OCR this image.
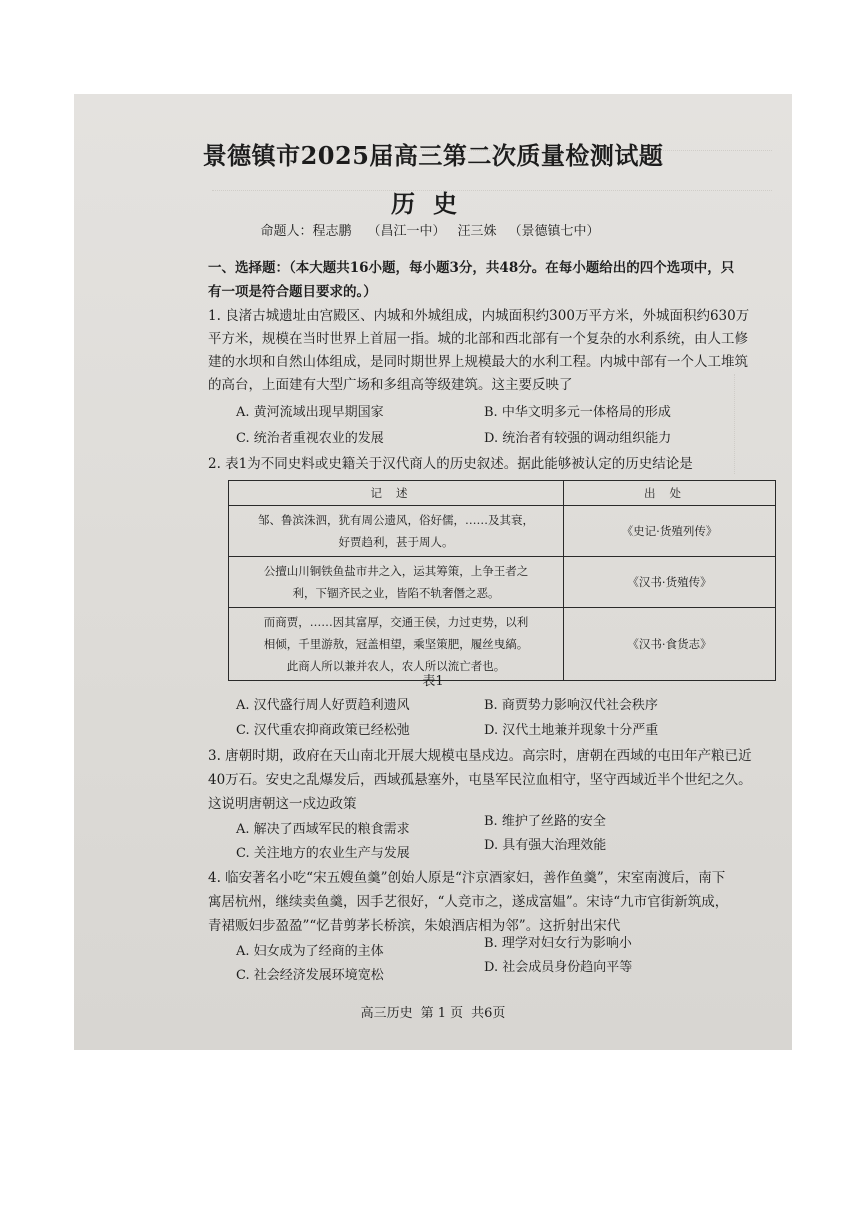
景德镇市2025届高三第二次质量检测试题
历史
命题人：程志鹏 （昌江一中） 汪三姝 （景德镇七中）
一、选择题：（本大题共16小题，每小题3分，共48分。在每小题给出的四个选项中，只
有一项是符合题目要求的。）
1. 良渚古城遗址由宫殿区、内城和外城组成，内城面积约300万平方米，外城面积约630万
平方米，规模在当时世界上首屈一指。城的北部和西北部有一个复杂的水利系统，由人工修
建的水坝和自然山体组成，是同时期世界上规模最大的水利工程。内城中部有一个人工堆筑
的高台，上面建有大型广场和多组高等级建筑。这主要反映了
A. 黄河流域出现早期国家	B. 中华文明多元一体格局的形成
C. 统治者重视农业的发展	D. 统治者有较强的调动组织能力
2. 表1为不同史料或史籍关于汉代商人的历史叙述。据此能够被认定的历史结论是
记述	出处

邹、鲁滨洙泗，犹有周公遗风，俗好儒，……及其衰，
好贾趋利，甚于周人。	《史记·货殖列传》

公擅山川铜铁鱼盐市井之入，运其筹策，上争王者之
利，下锢齐民之业，皆陷不轨奢僭之恶。	《汉书·货殖传》

而商贾，……因其富厚，交通王侯，力过吏势，以利
相倾，千里游敖，冠盖相望，乘坚策肥，履丝曳縞。
此商人所以兼并农人，农人所以流亡者也。	《汉书·食货志》
表1
A. 汉代盛行周人好贾趋利遗风	B. 商贾势力影响汉代社会秩序
C. 汉代重农抑商政策已经松弛	D. 汉代土地兼并现象十分严重
3. 唐朝时期，政府在天山南北开展大规模屯垦戍边。高宗时，唐朝在西域的屯田年产粮已近
40万石。安史之乱爆发后，西域孤悬塞外，屯垦军民泣血相守，坚守西域近半个世纪之久。
这说明唐朝这一戍边政策
A. 解决了西域军民的粮食需求
B. 维护了丝路的安全
C. 关注地方的农业生产与发展
D. 具有强大治理效能
4. 临安著名小吃“宋五嫂鱼羹”创始人原是“汴京酒家妇，善作鱼羹”，宋室南渡后，南下
寓居杭州，继续卖鱼羹，因手艺很好，“人竞市之，遂成富媪”。宋诗“九市官街新筑成，
青裙贩妇步盈盈”“忆昔剪茅长桥滨，朱娘酒店相为邻”。这折射出宋代
A. 妇女成为了经商的主体
B. 理学对妇女行为影响小
C. 社会经济发展环境宽松
D. 社会成员身份趋向平等
高三历史 第 1 页 共6页
